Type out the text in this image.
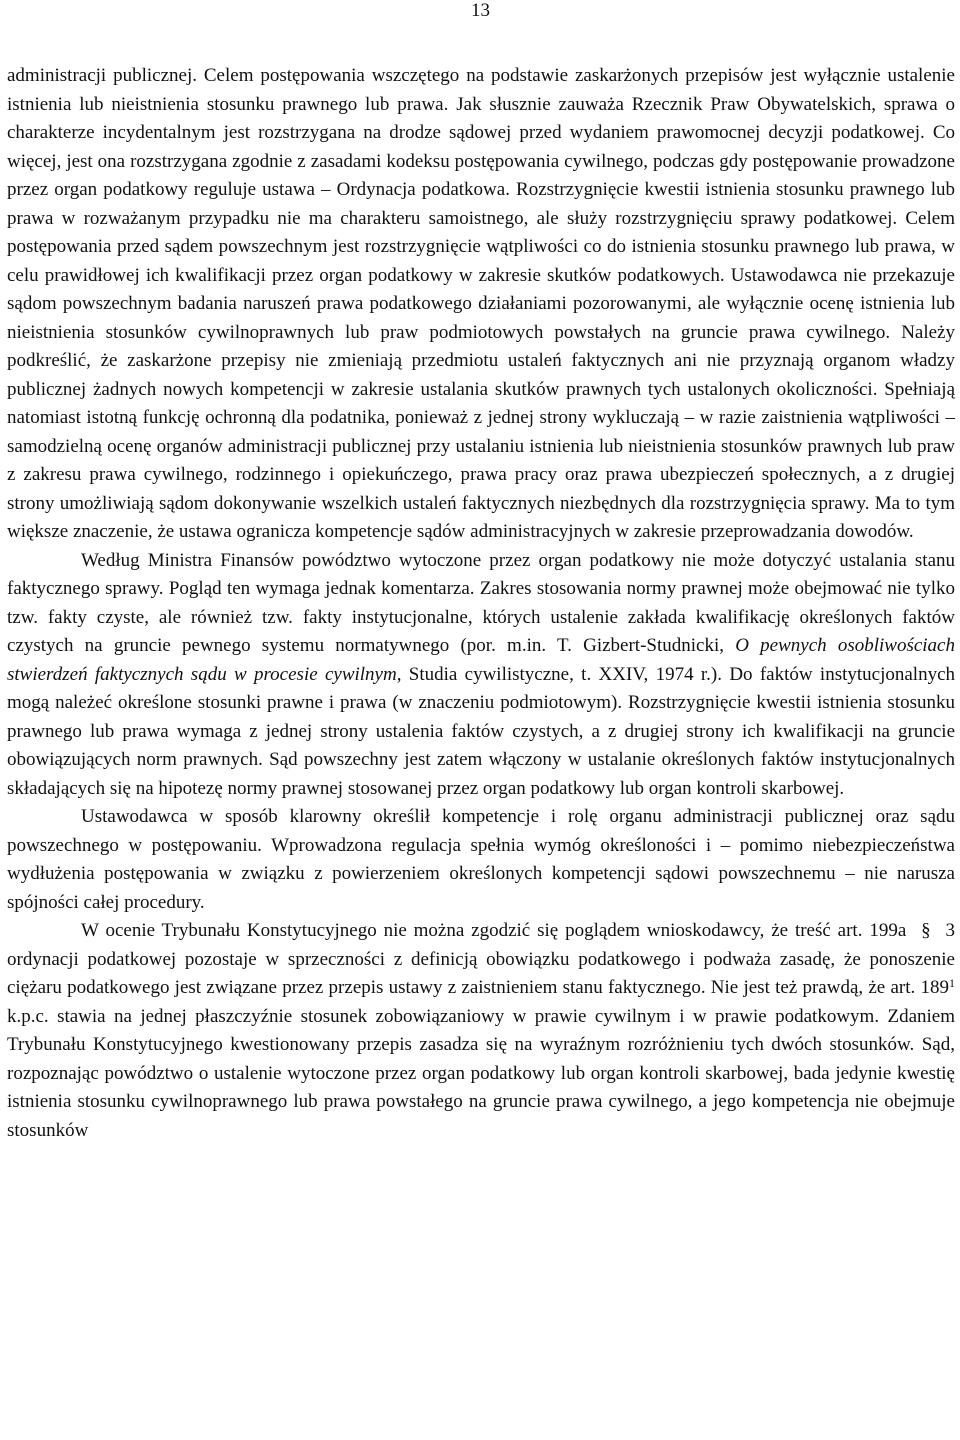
13

administracji publicznej. Celem postępowania wszczętego na podstawie zaskarżonych przepisów jest wyłącznie ustalenie istnienia lub nieistnienia stosunku prawnego lub prawa. Jak słusznie zauważa Rzecznik Praw Obywatelskich, sprawa o charakterze incydentalnym jest rozstrzygana na drodze sądowej przed wydaniem prawomocnej decyzji podatkowej. Co więcej, jest ona rozstrzygana zgodnie z zasadami kodeksu postępowania cywilnego, podczas gdy postępowanie prowadzone przez organ podatkowy reguluje ustawa – Ordynacja podatkowa. Rozstrzygnięcie kwestii istnienia stosunku prawnego lub prawa w rozważanym przypadku nie ma charakteru samoistnego, ale służy rozstrzygnięciu sprawy podatkowej. Celem postępowania przed sądem powszechnym jest rozstrzygnięcie wątpliwości co do istnienia stosunku prawnego lub prawa, w celu prawidłowej ich kwalifikacji przez organ podatkowy w zakresie skutków podatkowych. Ustawodawca nie przekazuje sądom powszechnym badania naruszeń prawa podatkowego działaniami pozorowanymi, ale wyłącznie ocenę istnienia lub nieistnienia stosunków cywilnoprawnych lub praw podmiotowych powstałych na gruncie prawa cywilnego. Należy podkreślić, że zaskarżone przepisy nie zmieniają przedmiotu ustaleń faktycznych ani nie przyznają organom władzy publicznej żadnych nowych kompetencji w zakresie ustalania skutków prawnych tych ustalonych okoliczności. Spełniają natomiast istotną funkcję ochronną dla podatnika, ponieważ z jednej strony wykluczają – w razie zaistnienia wątpliwości – samodzielną ocenę organów administracji publicznej przy ustalaniu istnienia lub nieistnienia stosunków prawnych lub praw z zakresu prawa cywilnego, rodzinnego i opiekuńczego, prawa pracy oraz prawa ubezpieczeń społecznych, a z drugiej strony umożliwiają sądom dokonywanie wszelkich ustaleń faktycznych niezbędnych dla rozstrzygnięcia sprawy. Ma to tym większe znaczenie, że ustawa ogranicza kompetencje sądów administracyjnych w zakresie przeprowadzania dowodów.

Według Ministra Finansów powództwo wytoczone przez organ podatkowy nie może dotyczyć ustalania stanu faktycznego sprawy. Pogląd ten wymaga jednak komentarza. Zakres stosowania normy prawnej może obejmować nie tylko tzw. fakty czyste, ale również tzw. fakty instytucjonalne, których ustalenie zakłada kwalifikację określonych faktów czystych na gruncie pewnego systemu normatywnego (por. m.in. T. Gizbert-Studnicki, O pewnych osobliwościach stwierdzeń faktycznych sądu w procesie cywilnym, Studia cywilistyczne, t. XXIV, 1974 r.). Do faktów instytucjonalnych mogą należeć określone stosunki prawne i prawa (w znaczeniu podmiotowym). Rozstrzygnięcie kwestii istnienia stosunku prawnego lub prawa wymaga z jednej strony ustalenia faktów czystych, a z drugiej strony ich kwalifikacji na gruncie obowiązujących norm prawnych. Sąd powszechny jest zatem włączony w ustalanie określonych faktów instytucjonalnych składających się na hipotezę normy prawnej stosowanej przez organ podatkowy lub organ kontroli skarbowej.

Ustawodawca w sposób klarowny określił kompetencje i rolę organu administracji publicznej oraz sądu powszechnego w postępowaniu. Wprowadzona regulacja spełnia wymóg określoności i – pomimo niebezpieczeństwa wydłużenia postępowania w związku z powierzeniem określonych kompetencji sądowi powszechnemu – nie narusza spójności całej procedury.

W ocenie Trybunału Konstytucyjnego nie można zgodzić się poglądem wnioskodawcy, że treść art. 199a § 3 ordynacji podatkowej pozostaje w sprzeczności z definicją obowiązku podatkowego i podważa zasadę, że ponoszenie ciężaru podatkowego jest związane przez przepis ustawy z zaistnieniem stanu faktycznego. Nie jest też prawdą, że art. $189^1$ k.p.c. stawia na jednej płaszczyźnie stosunek zobowiązaniowy w prawie cywilnym i w prawie podatkowym. Zdaniem Trybunału Konstytucyjnego kwestionowany przepis zasadza się na wyraźnym rozróżnieniu tych dwóch stosunków. Sąd, rozpoznając powództwo o ustalenie wytoczone przez organ podatkowy lub organ kontroli skarbowej, bada jedynie kwestię istnienia stosunku cywilnoprawnego lub prawa powstałego na gruncie prawa cywilnego, a jego kompetencja nie obejmuje stosunków
